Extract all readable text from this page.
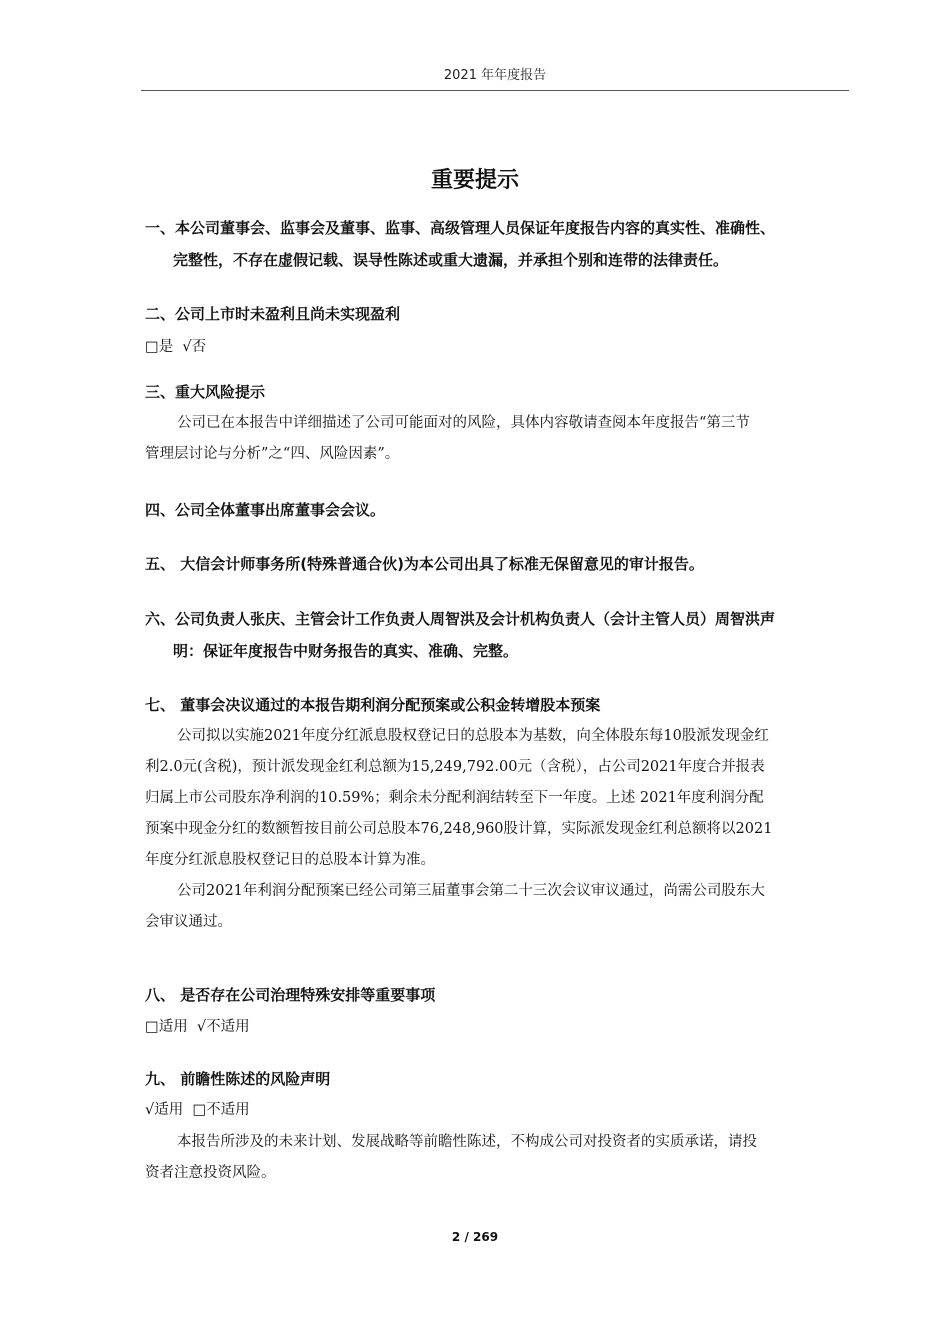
2021 年年度报告
重要提示
一、本公司董事会、监事会及董事、监事、高级管理人员保证年度报告内容的真实性、准确性、
完整性，不存在虚假记载、误导性陈述或重大遗漏，并承担个别和连带的法律责任。
二、公司上市时未盈利且尚未实现盈利
□是 √否
三、重大风险提示
公司已在本报告中详细描述了公司可能面对的风险，具体内容敬请查阅本年度报告“第三节
管理层讨论与分析”之“四、风险因素”。
四、公司全体董事出席董事会会议。
五、 大信会计师事务所(特殊普通合伙)为本公司出具了标准无保留意见的审计报告。
六、公司负责人张庆、主管会计工作负责人周智洪及会计机构负责人（会计主管人员）周智洪声
明：保证年度报告中财务报告的真实、准确、完整。
七、 董事会决议通过的本报告期利润分配预案或公积金转增股本预案
公司拟以实施2021年度分红派息股权登记日的总股本为基数，向全体股东每10股派发现金红
利2.0元(含税)，预计派发现金红利总额为15,249,792.00元（含税），占公司2021年度合并报表
归属上市公司股东净利润的10.59%；剩余未分配利润结转至下一年度。上述 2021年度利润分配
预案中现金分红的数额暂按目前公司总股本76,248,960股计算，实际派发现金红利总额将以2021
年度分红派息股权登记日的总股本计算为准。
公司2021年利润分配预案已经公司第三届董事会第二十三次会议审议通过，尚需公司股东大
会审议通过。
八、 是否存在公司治理特殊安排等重要事项
□适用 √不适用
九、 前瞻性陈述的风险声明
√适用 □不适用
本报告所涉及的未来计划、发展战略等前瞻性陈述，不构成公司对投资者的实质承诺，请投
资者注意投资风险。
2 / 269
